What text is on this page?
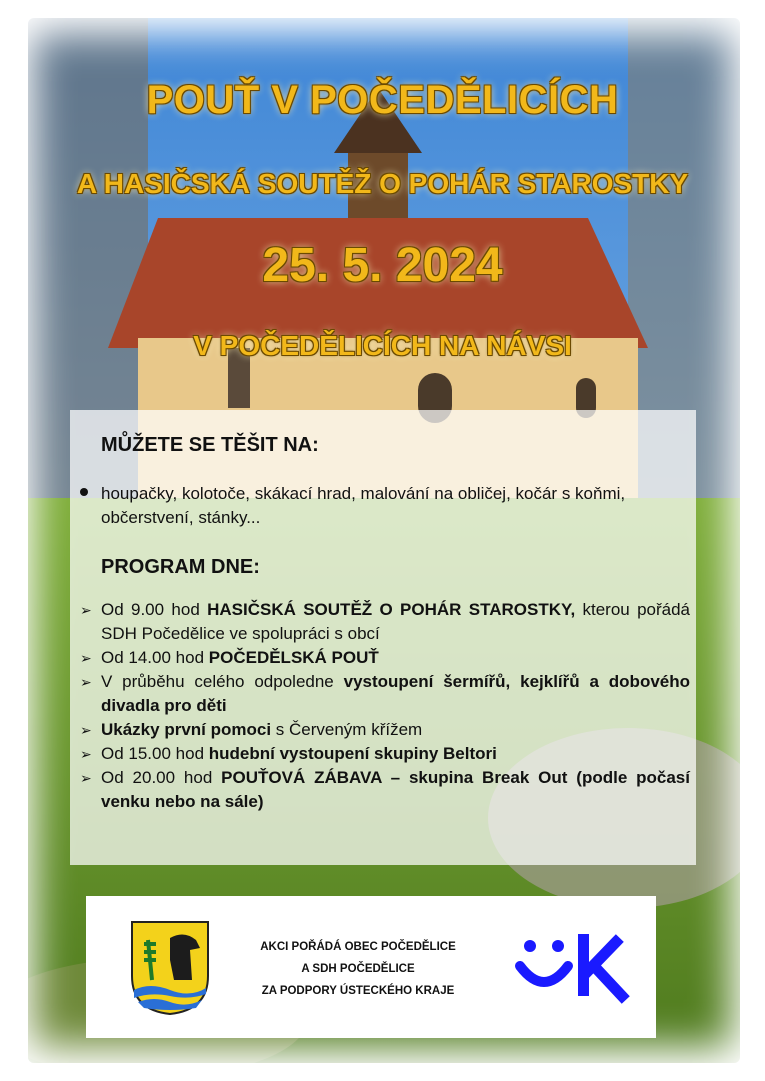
POUŤ V POČEDĚLICÍCH
A HASIČSKÁ SOUTĚŽ O POHÁR STAROSTKY
25. 5. 2024
V POČEDĚLICÍCH NA NÁVSI
MŮŽETE SE TĚŠIT NA:
houpačky, kolotoče, skákací hrad, malování na obličej, kočár s koňmi, občerstvení, stánky...
PROGRAM DNE:
➢ Od 9.00 hod HASIČSKÁ SOUTĚŽ O POHÁR STAROSTKY, kterou pořádá SDH Počedělice ve spolupráci s obcí
➢ Od 14.00 hod POČEDĚLSKÁ POUŤ
➢ V průběhu celého odpoledne vystoupení šermířů, kejklířů a dobového divadla pro děti
➢ Ukázky první pomoci s Červeným křížem
➢ Od 15.00 hod hudební vystoupení skupiny Beltori
➢ Od 20.00 hod POUŤOVÁ ZÁBAVA – skupina Break Out (podle počasí venku nebo na sále)
AKCI POŘÁDÁ OBEC POČEDĚLICE
A SDH POČEDĚLICE
ZA PODPORY ÚSTECKÉHO KRAJE
